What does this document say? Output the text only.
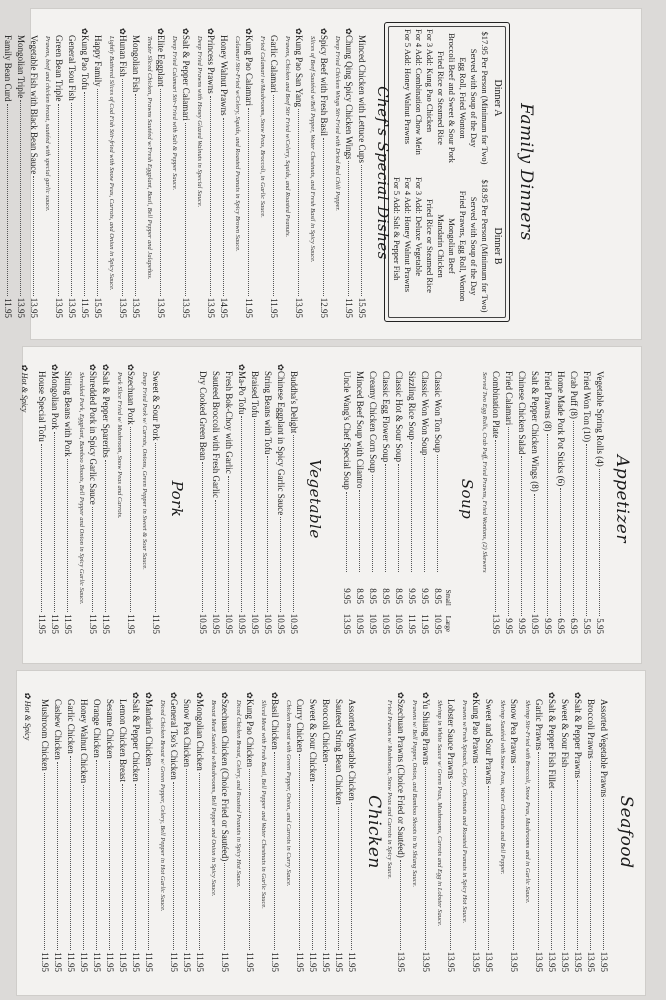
Family Dinners
Dinner A
$17.95 Per Person (Minimum for Two)
Served with Soup of the Day
Egg Roll, Fried Wonton
Broccoli Beef and Sweet & Sour Pork
Fried Rice or Steamed Rice
For 3 Add: Kung Pao Chicken
For 4 Add: Combination Chow Mein
For 5 Add: Honey Walnut Prawns
Dinner B
$18.95 Per Person (Minimum for Two)
Served with Soup of the Day
Fried Prawns, Egg Roll, Wonton
Mongolian Beef
Mandarin Chicken
Fried Rice or Steamed Rice
For 3 Add: Deluxe Vegetable
For 4 Add: Honey Walnut Prawns
For 5 Add: Salt & Pepper Fish
Chef's Special Dishes
Minced Chicken with Lettuce Cups
15.95
✿
Chung Qing Spicy Chicken Wings
11.95
Deep Fried Chicken Wings Stir-Fried with Dried Red Chili Pepper.
✿
Spicy Beef with Fresh Basil
12.95
Slices of Beef Sautéed w/Bell Pepper, Water Chestnuts, and Fresh Basil in Spicy Sauce.
✿
Kung Pao San Yang
13.95
Prawns, Chicken and Beef Stir Fried w/Celery, Squids, and Roasted Peanuts.
Garlic Calamari
11.95
Fried Calamari w/Mushrooms, Snow Peas, Broccoli, in Garlic Sauce.
✿
Kung Pao Calamari
11.95
Calamari Stir-Fried w/Celery, Squids, and Roasted Peanuts in Spicy Brown Sauce.
Honey Walnut Prawns
14.95
✿
Princess Prawns
13.95
Deep Fried Prawns with Honey Glazed Walnuts in Special Sauce.
✿
Salt & Pepper Calamari
13.95
Deep Fried Calamari Stir-Fried with Salt & Pepper Sauce.
✿
Elite Eggplant
13.95
Tender Sliced Chicken, Prawns Sautéed w/Fresh Eggplant, Basil, Bell Pepper and Jalapeños.
Mongolian Fish
13.95
✿
Hunan Fish
13.95
Lightly Battered Slices of Cod Fish Stir-fried with Snow Peas, Carrots, and Onion in Spicy Sauce.
Happy Family
15.95
✿
Kung Pao Tofu
11.95
General Tsou Fish
13.95
Green Bean Triple
13.95
Prawns, beef and chicken breast, sautéed with special garlic sauce.
Vegetable Fish with Black Bean Sauce
13.95
Mongolian Triple
13.95
Family Bean Curd
11.95
Appetizer
Vegetable Spring Rolls (4)
5.95
Fried Won Ton (10)
5.95
Crab Puff (8)
6.95
Home Made Pork Pot Sticks (6)
6.95
Fried Prawns (8)
9.95
Salt & Pepper Chicken Wings (8)
10.95
Chinese Chicken Salad
9.95
Fried Calamari
9.95
Combination Plate
13.95
Served Two Egg Rolls, Crab Puff, Fried Prawns, Fried Wontons, (2) Skewers
Soup
Small
Large
Classic Won Ton Soup
8.95
10.95
Classic Won Won Soup
9.95
11.95
Sizzling Rice Soup
9.95
11.95
Classic Hot & Sour Soup
8.95
10.95
Classic Egg Flower Soup
8.95
10.95
Creamy Chicken Corn Soup
8.95
10.95
Minced Beef Soup with Cilantro
8.95
10.95
Uncle Wang's Chef Special Soup
9.95
13.95
Vegetable
Buddha's Delight
10.95
✿
Chinese Eggplant in Spicy Garlic Sauce
10.95
String Beans with Tofu
10.95
Braised Tofu
10.95
✿
Ma-Po Tofu
10.95
Fresh Bok-Choy with Garlic
10.95
Sauteed Broccoli with Fresh Garlic
10.95
Dry Cooked Green Bean
10.95
Pork
Sweet & Sour Pork
11.95
Deep Fried Pork w/ Carrots, Onions, Green Pepper in Sweet & Sour Sauce.
✿
Szechuan Pork
11.95
Pork Slice Fried w/ Mushroom, Snow Peas and Carrots.
✿
Salt & Pepper Spareribs
11.95
✿
Shredded Pork in Spicy Garlic Sauce
11.95
Shredded Pork, Eggplant, Bamboo Shoots, Bell Pepper and Onion in Spicy Garlic Sauce.
Sitting Beans with Pork
11.95
✿
Mongolian Pork
11.95
House Special Tofu
11.95
✿ Hot & Spicy
Seafood
Assorted Vegetable Prawns
13.95
Broccoli Prawns
13.95
✿
Salt & Pepper Prawns
13.95
Sweet & Sour Fish
13.95
✿
Salt & Pepper Fish Fillet
13.95
Garlic Prawns
13.95
Shrimp Stir-Fried with Broccoli, Snow Peas, Mushrooms and in Garlic Sauce.
Snow Pea Prawns
13.95
Shrimp Sautéed with Snow Peas, Water Chestnuts and Bell Pepper.
Sweet and Sour Prawns
13.95
✿
Kung Pao Prawns
13.95
Prawns w/Fresh Spinach, Celery, Chestnuts and Roasted Peanuts in Spicy Hot Sauce.
Lobster Sauce Prawns
13.95
Shrimp in White Sauce w/ Green Peas, Mushrooms, Carrots and Egg in Lobster Sauce.
✿
Yu Shiang Prawns
13.95
Prawns w/ Bell Pepper, Onion, and Bamboo Shoots in Yu Shiang Sauce.
✿
Szechuan Prawns (Choice Fried or Sautéed)
13.95
Fried Prawns w/ Mushroom, Snow Peas and Carrots in Spicy Sauce.
Chicken
Assorted Vegetable Chicken
11.95
Sauteed String Bean Chicken
11.95
Broccoli Chicken
11.95
Sweet & Sour Chicken
11.95
Curry Chicken
11.95
Chicken Breast with Green Pepper, Onion, and Carrots in Curry Sauce.
✿
Basil Chicken
11.95
Sliced Meat with Fresh Basil, Bell Pepper and Water Chestnuts in Garlic Sauce.
✿
Kung Pao Chicken
11.95
Diced Chicken Breast, Celery, and Roasted Peanuts in Spicy Hot Sauce.
✿
Szechuan Chicken (Choice Fried or Sautéed)
11.95
Breast Meat Sautéed w/Mushrooms, Bell Pepper and Onion in Spicy Sauce.
✿
Mongolian Chicken
11.95
Snow Pea Chicken
11.95
✿
General Tso's Chicken
11.95
Diced Chicken Breast w/ Green Pepper, Celery, Bell Pepper in Hot Garlic Sauce.
✿
Mandarin Chicken
11.95
✿
Salt & Pepper Chicken
11.95
Lemon Chicken Breast
11.95
Sesame Chicken
11.95
Orange Chicken
11.95
Honey Walnut Chicken
11.95
Garlic Chicken
11.95
Cashew Chicken
11.95
Mushroom Chicken
11.95
✿ Hot & Spicy
